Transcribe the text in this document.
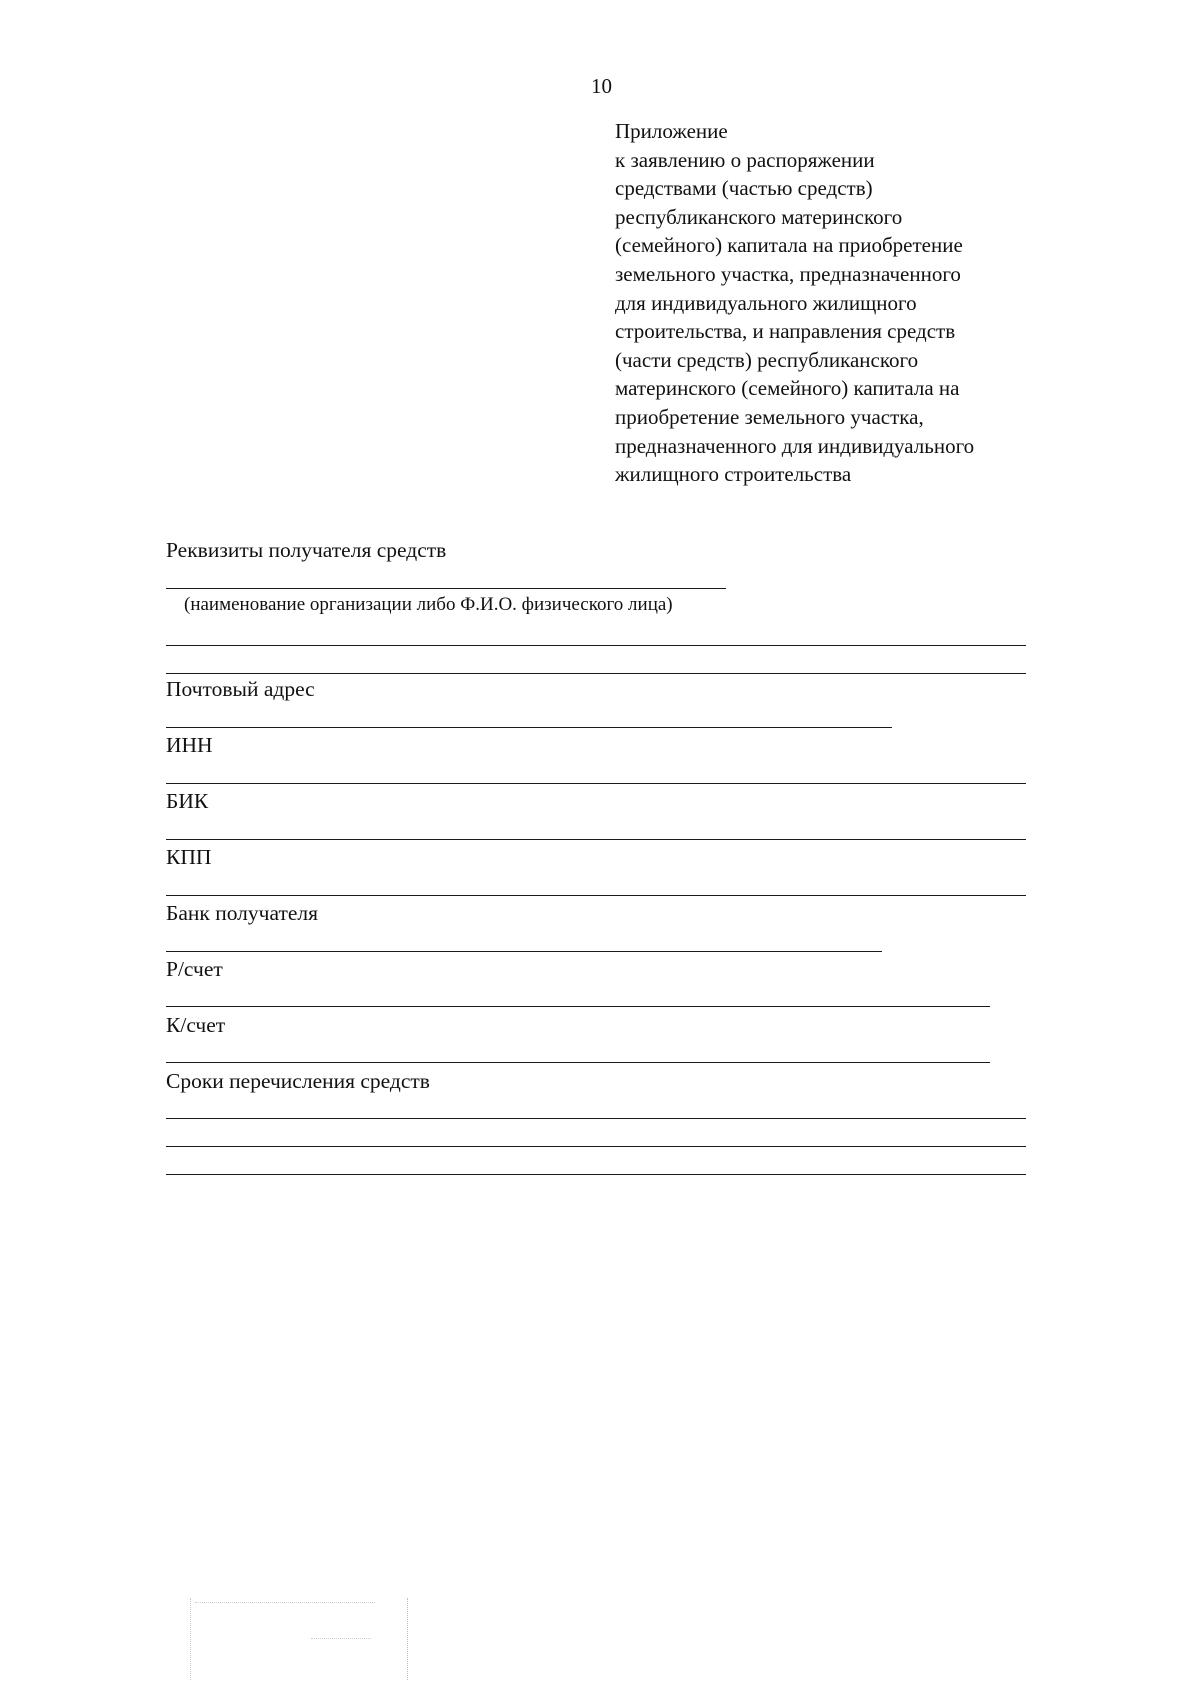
10
Приложение
к заявлению о распоряжении
средствами (частью средств)
республиканского материнского
(семейного) капитала на приобретение
земельного участка, предназначенного
для индивидуального жилищного
строительства, и направления средств
(части средств) республиканского
материнского (семейного) капитала на
приобретение земельного участка,
предназначенного для индивидуального
жилищного строительства
Реквизиты получателя средств
(наименование организации либо Ф.И.О. физического лица)
Почтовый адрес
ИНН
БИК
КПП
Банк получателя
Р/счет
К/счет
Сроки перечисления средств
